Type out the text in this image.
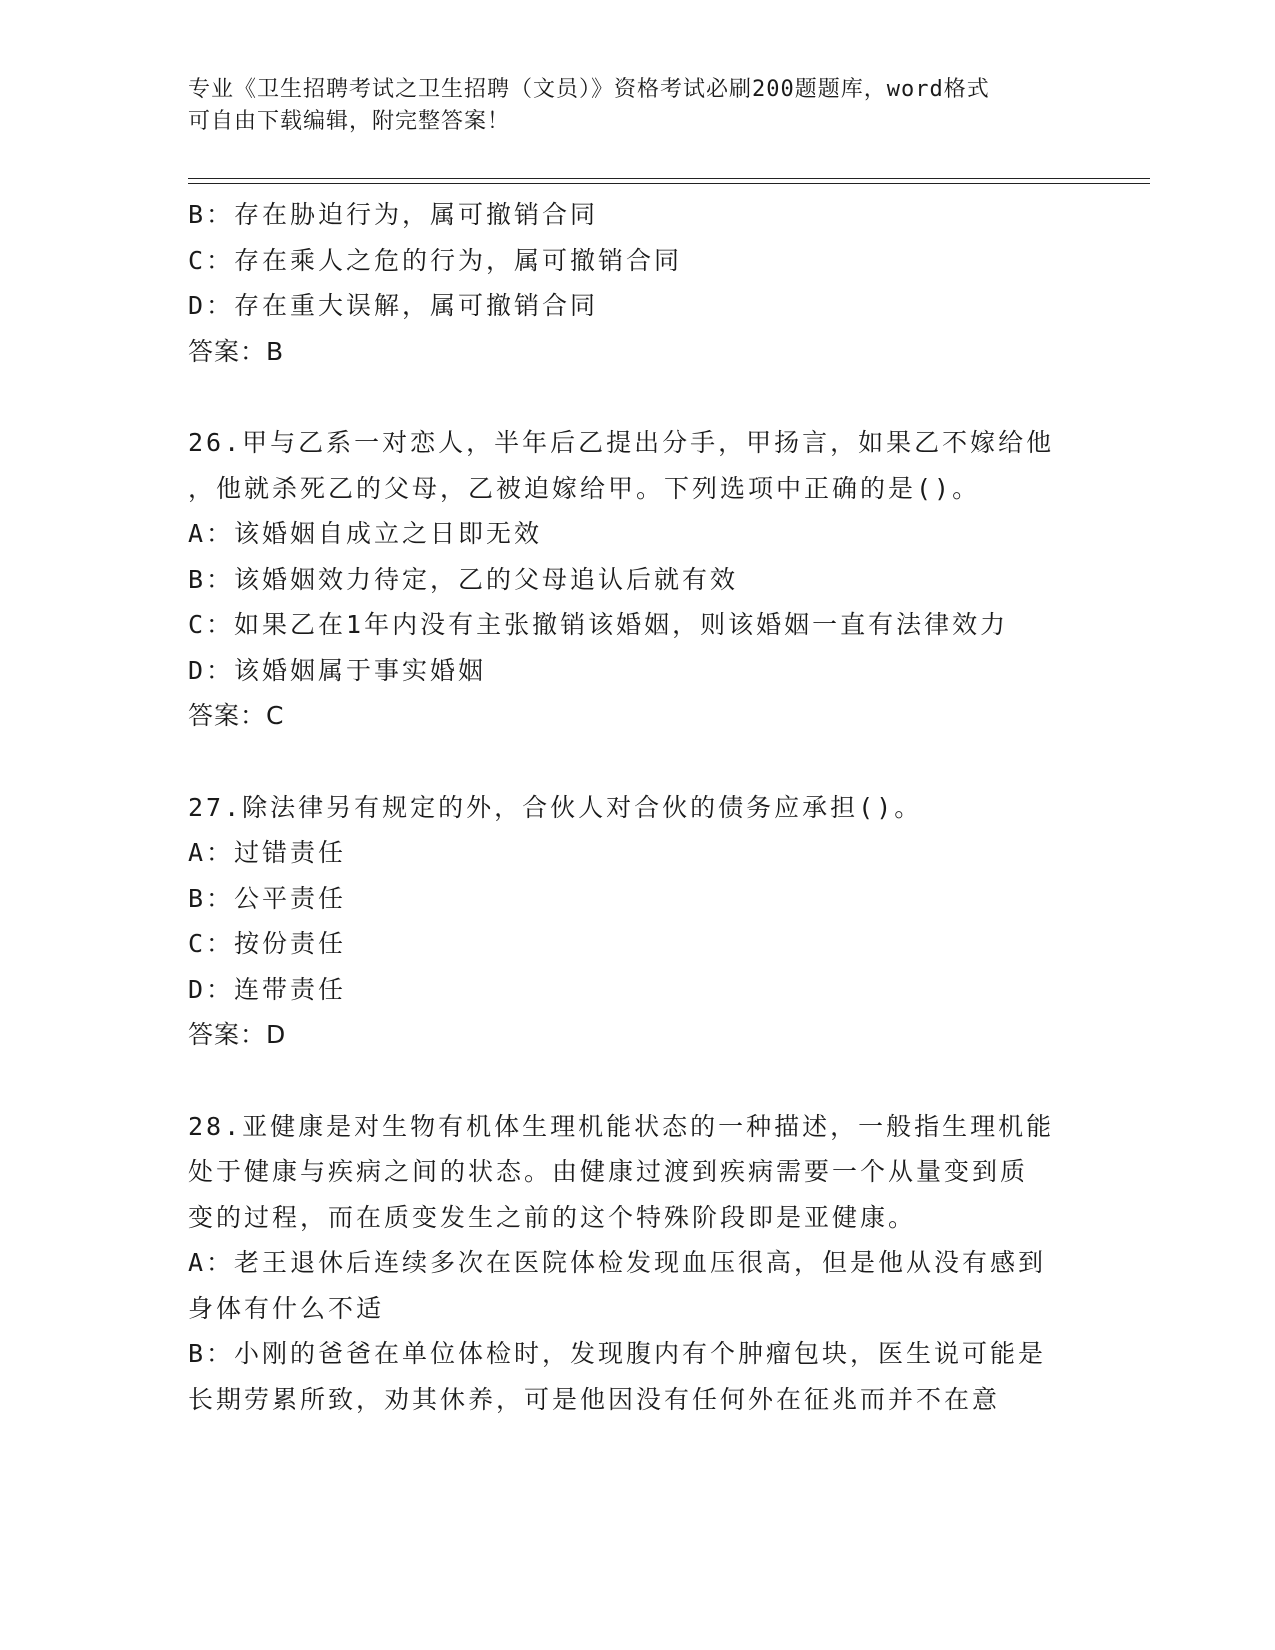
专业《卫生招聘考试之卫生招聘（文员）》资格考试必刷200题题库，word格式
可自由下载编辑，附完整答案！
B：存在胁迫行为，属可撤销合同
C：存在乘人之危的行为，属可撤销合同
D：存在重大误解，属可撤销合同
答案：B
26.甲与乙系一对恋人，半年后乙提出分手，甲扬言，如果乙不嫁给他
，他就杀死乙的父母，乙被迫嫁给甲。下列选项中正确的是()。
A：该婚姻自成立之日即无效
B：该婚姻效力待定，乙的父母追认后就有效
C：如果乙在1年内没有主张撤销该婚姻，则该婚姻一直有法律效力
D：该婚姻属于事实婚姻
答案：C
27.除法律另有规定的外，合伙人对合伙的债务应承担()。
A：过错责任
B：公平责任
C：按份责任
D：连带责任
答案：D
28.亚健康是对生物有机体生理机能状态的一种描述，一般指生理机能
处于健康与疾病之间的状态。由健康过渡到疾病需要一个从量变到质
变的过程，而在质变发生之前的这个特殊阶段即是亚健康。
A：老王退休后连续多次在医院体检发现血压很高，但是他从没有感到
身体有什么不适
B：小刚的爸爸在单位体检时，发现腹内有个肿瘤包块，医生说可能是
长期劳累所致，劝其休养，可是他因没有任何外在征兆而并不在意
